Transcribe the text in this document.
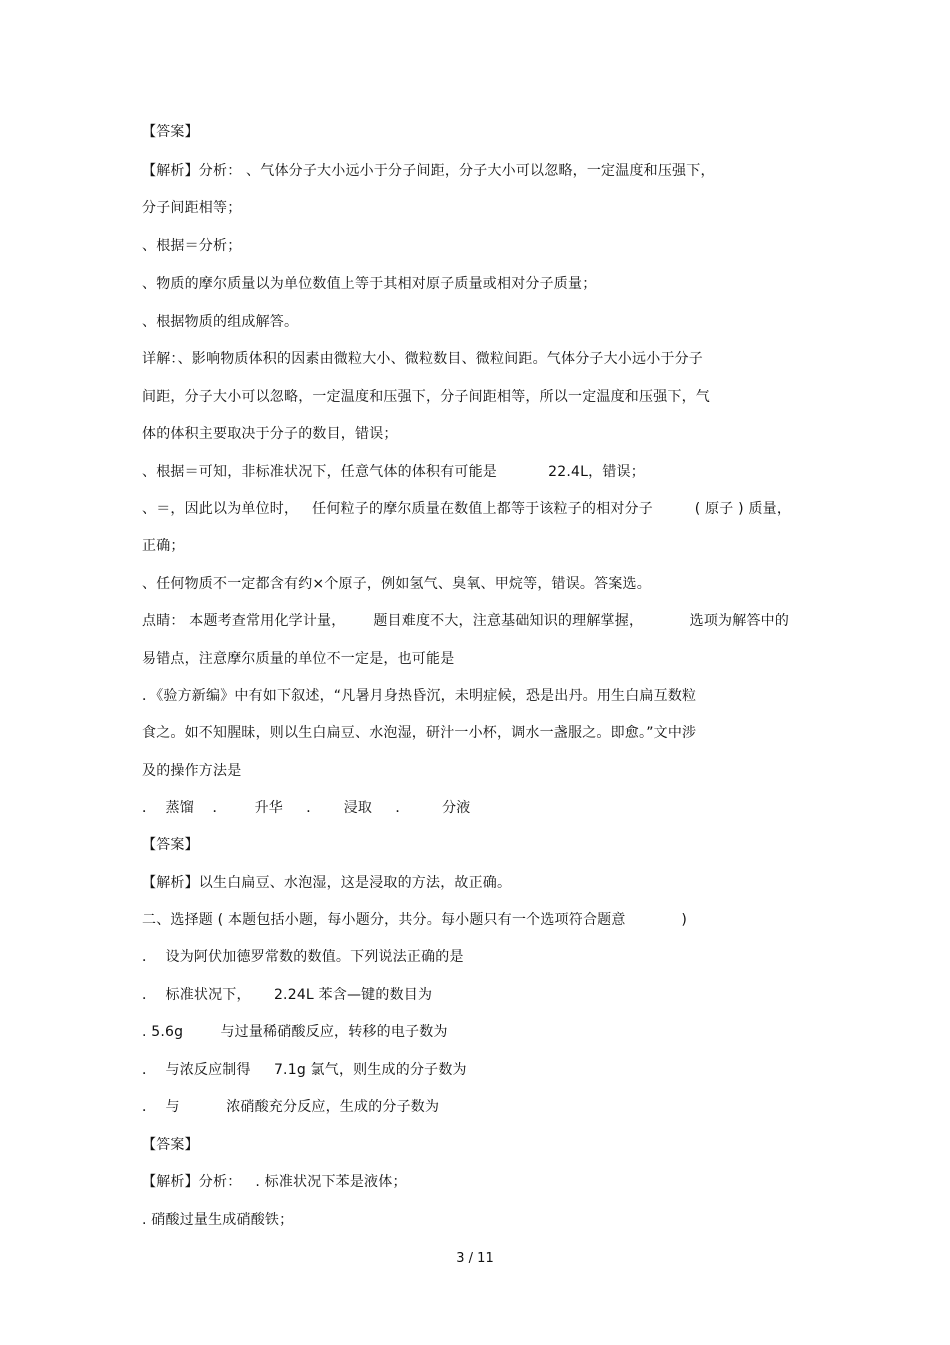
【答案】
【解析】分析： 、气体分子大小远小于分子间距，分子大小可以忽略，一定温度和压强下，
分子间距相等；
、根据＝分析；
、物质的摩尔质量以为单位数值上等于其相对原子质量或相对分子质量；
、根据物质的组成解答。
详解：、影响物质体积的因素由微粒大小、微粒数目、微粒间距。气体分子大小远小于分子
间距，分子大小可以忽略，一定温度和压强下，分子间距相等，所以一定温度和压强下，气
体的体积主要取决于分子的数目，错误；
、根据＝可知，非标准状况下，任意气体的体积有可能是           22.4L，错误；
、＝，因此以为单位时，   任何粒子的摩尔质量在数值上都等于该粒子的相对分子         ( 原子 ) 质量，
正确；
、任何物质不一定都含有约×个原子，例如氢气、臭氧、甲烷等，错误。答案选。
点睛： 本题考查常用化学计量，      题目难度不大，注意基础知识的理解掌握，          选项为解答中的
易错点，注意摩尔质量的单位不一定是，也可能是
．《验方新编》中有如下叙述，“凡暑月身热昏沉，未明症候，恐是出丹。用生白扁互数粒
食之。如不知腥昧，则以生白扁豆、水泡湿，研汁一小杯，调水一盏服之。即愈。”文中涉
及的操作方法是
．  蒸馏    ．      升华     ．     浸取     ．       分液
【答案】
【解析】以生白扁豆、水泡湿，这是浸取的方法，故正确。
二、选择题 ( 本题包括小题，每小题分，共分。每小题只有一个选项符合题意            )
．  设为阿伏加德罗常数的数值。下列说法正确的是
．  标准状况下，     2.24L 苯含—键的数目为
. 5.6g        与过量稀硝酸反应，转移的电子数为
．  与浓反应制得     7.1g 氯气，则生成的分子数为
．  与          浓硝酸充分反应，生成的分子数为
【答案】
【解析】分析：   . 标准状况下苯是液体；
. 硝酸过量生成硝酸铁；
3 / 11
